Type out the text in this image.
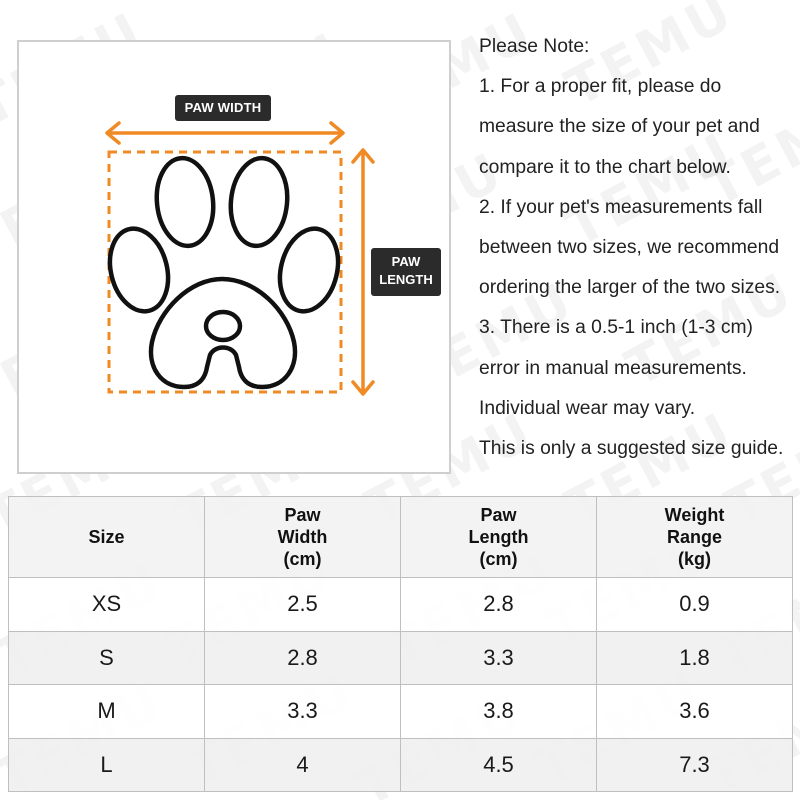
PAW WIDTH
PAW
LENGTH
Please Note:
1. For a proper fit, please do
measure the size of your pet and
compare it to the chart below.
2. If your pet's measurements fall
between two sizes, we recommend
ordering the larger of the two sizes.
3. There is a 0.5-1 inch (1-3 cm)
error in manual measurements.
Individual wear may vary.
This is only a suggested size guide.
Size	Paw
Width
(cm)	Paw
Length
(cm)	Weight
Range
(kg)

XS	2.5	2.8	0.9
S	2.8	3.3	1.8
M	3.3	3.8	3.6
L	4	4.5	7.3
